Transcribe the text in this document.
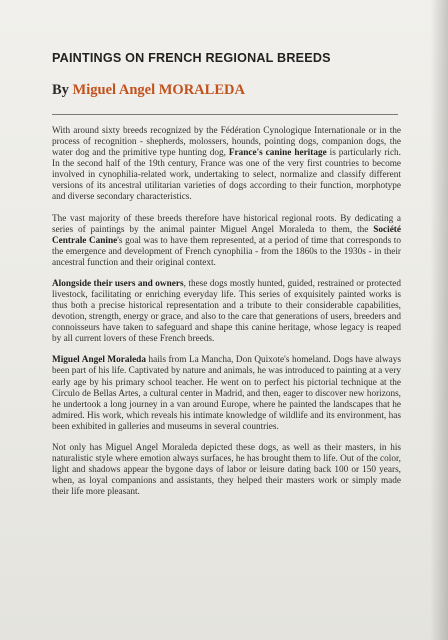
PAINTINGS ON FRENCH REGIONAL BREEDS
By Miguel Angel MORALEDA

With around sixty breeds recognized by the Fédération Cynologique Internationale or in the process of recognition - shepherds, molossers, hounds, pointing dogs, companion dogs, the water dog and the primitive type hunting dog, France's canine heritage is particularly rich. In the second half of the 19th century, France was one of the very first countries to become involved in cynophilia-related work, undertaking to select, normalize and classify different versions of its ancestral utilitarian varieties of dogs according to their function, morphotype and diverse secondary characteristics.

The vast majority of these breeds therefore have historical regional roots. By dedicating a series of paintings by the animal painter Miguel Angel Moraleda to them, the Société Centrale Canine's goal was to have them represented, at a period of time that corresponds to the emergence and development of French cynophilia - from the 1860s to the 1930s - in their ancestral function and their original context.

Alongside their users and owners, these dogs mostly hunted, guided, restrained or protected livestock, facilitating or enriching everyday life. This series of exquisitely painted works is thus both a precise historical representation and a tribute to their considerable capabilities, devotion, strength, energy or grace, and also to the care that generations of users, breeders and connoisseurs have taken to safeguard and shape this canine heritage, whose legacy is reaped by all current lovers of these French breeds.

Miguel Angel Moraleda hails from La Mancha, Don Quixote's homeland. Dogs have always been part of his life. Captivated by nature and animals, he was introduced to painting at a very early age by his primary school teacher. He went on to perfect his pictorial technique at the Círculo de Bellas Artes, a cultural center in Madrid, and then, eager to discover new horizons, he undertook a long journey in a van around Europe, where he painted the landscapes that he admired. His work, which reveals his intimate knowledge of wildlife and its environment, has been exhibited in galleries and museums in several countries.

Not only has Miguel Angel Moraleda depicted these dogs, as well as their masters, in his naturalistic style where emotion always surfaces, he has brought them to life. Out of the color, light and shadows appear the bygone days of labor or leisure dating back 100 or 150 years, when, as loyal companions and assistants, they helped their masters work or simply made their life more pleasant.
